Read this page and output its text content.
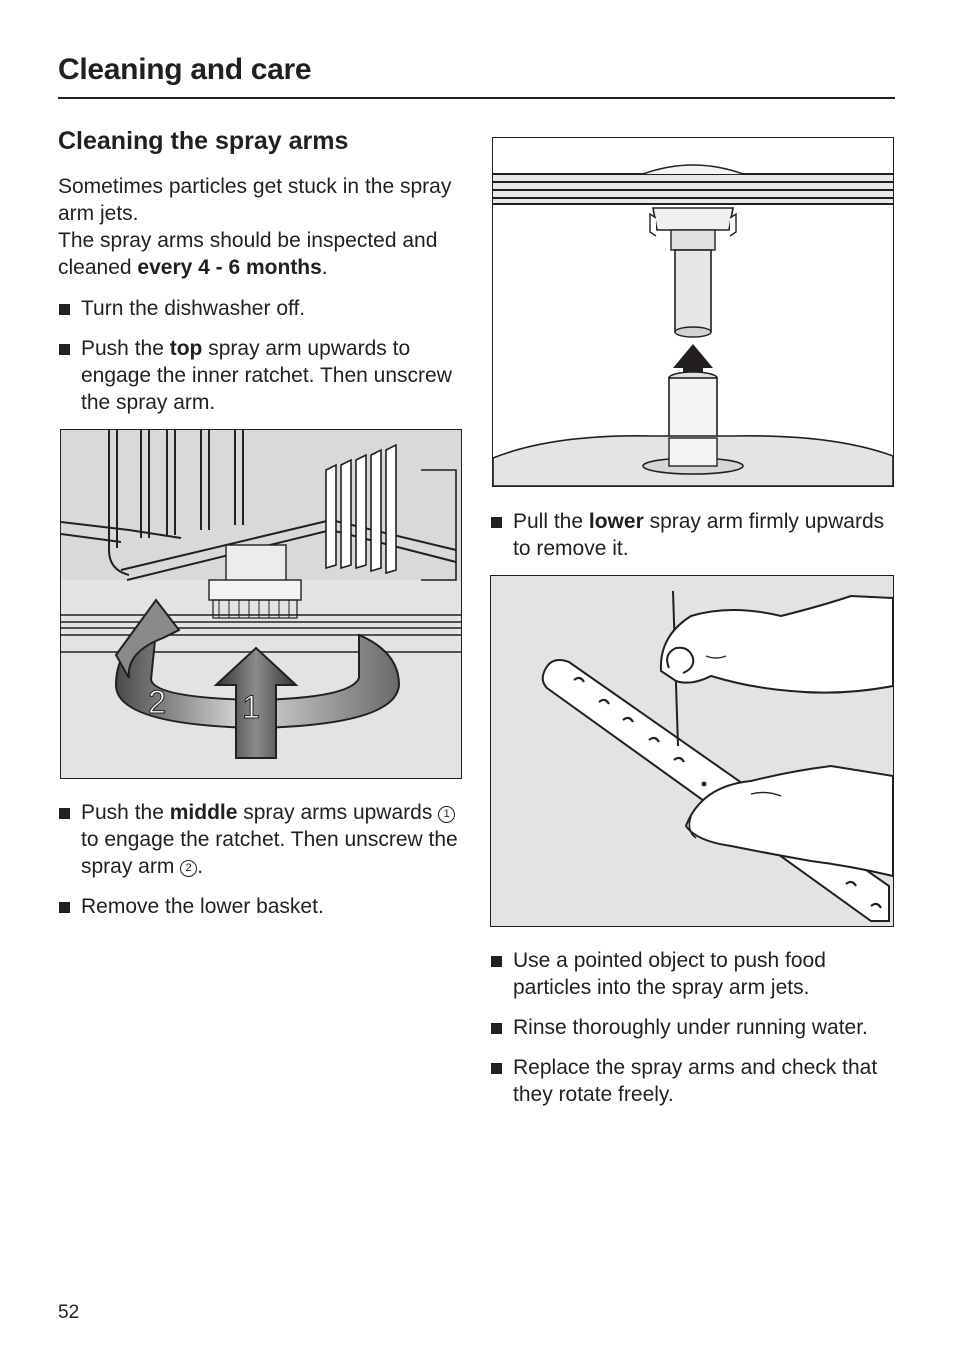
Cleaning and care
Cleaning the spray arms

Sometimes particles get stuck in the spray arm jets.

The spray arms should be inspected and cleaned every 4 - 6 months.

Turn the dishwasher off.
Push the top spray arm upwards to engage the inner ratchet. Then unscrew the spray arm.
1
2
Push the middle spray arms upwards 1 to engage the ratchet. Then unscrew the spray arm 2 .
Remove the lower basket.
Pull the lower spray arm firmly upwards to remove it.
Use a pointed object to push food particles into the spray arm jets.
Rinse thoroughly under running water.
Replace the spray arms and check that they rotate freely.
52
